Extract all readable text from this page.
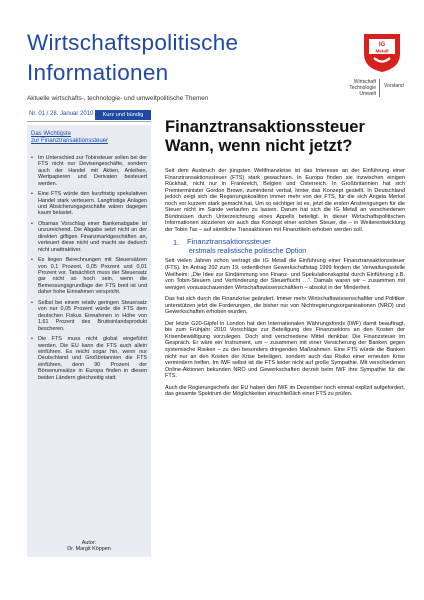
Wirtschaftspolitische
Informationen
Aktuelle wirtschafts-, technologie- und umweltpolitische Themen
IG
Metall
Wirtschaft Technologie Umwelt
Vorstand
Nr. 01 / 28. Januar 2010	Kurz und bündig
Das Wichtigste
zur Finanztransaktionssteuer
• Im Unterschied zur Tobinsteuer sollen bei der FTS nicht nur Devisengeschäfte, sondern auch der Handel mit Aktien, Anleihen, Wertpapieren und Derivaten besteuert werden.
• Eine FTS würde den kurzfristig spekulativen Handel stark verteuern. Langfristige Anlagen und Absicherungsgeschäfte wären dagegen kaum belastet.
• Obamas Vorschlag einer Bankenabgabe ist unzureichend. Die Abgabe setzt nicht an der direkten giftigen Finanzmarktgeschäften an, verteuert diese nicht und macht sie dadurch nicht unattraktiver.
• Es liegen Berechnungen mit Steuersätzen von 0,1 Prozent, 0,05 Prozent und 0,01 Prozent vor. Tatsächlich muss der Steuersatz gar nicht so hoch sein, wenn die Bemessungsgrundlage der FTS breit ist und daher hohe Einnahmen verspricht.
• Selbst bei einem relativ geringen Steuersatz von nur 0,05 Prozent würde die FTS dem deutschen Fiskus Einnahmen in Höhe von 1,61 Prozent des Bruttoinlandsprodukt bescheren.
• Die FTS muss nicht global eingeführt werden. Die EU kann die FTS auch allein einführen. Es reicht sogar hin, wenn nur Deutschland und Großbritannien die FTS einführen, denn 90 Prozent der Börsenumsätze in Europa finden in diesen beiden Ländern gleichzeitig statt.
Autor:
Dr. Margit Köppen
Finanztransaktionssteuer
Wann, wenn nicht jetzt?

Seit dem Ausbruch der jüngsten Weltfinanzkrise ist das Interesse an der Einführung einer Finanztransaktionssteuer (FTS) stark gewachsen. In Europa finden sie inzwischen einigen Rückhalt, nicht nur in Frankreich, Belgien und Österreich. In Großbritannien hat sich Premierminister Gordon Brown, zuminderst verbal, hinter das Konzept gestellt. In Deutschland jedoch zeigt sich die Regierungskoalition immer mehr von der FTS, für die sich Angela Merkel noch vor kurzem stark gemacht hat. Um so wichtiger ist es, jetzt die ersten Anstrengungen für die Steuer nicht im Sande verlaufen zu lassen. Darum hat sich die IG Metall an verschiedenen Bündnissen durch Unterzeichnung eines Appells beteiligt. In dieser Wirtschaftspolitischen Informationen skizzieren wir auch das Konzept einer solchen Steuer, die – in Weiterentwicklung der Tobin Tax – auf sämtliche Transaktionen mit Finanztiteln erhoben werden soll.

1.	Finanztransaktionssteuer
erstmals realistische politische Option

Seit vielen Jahren schon vertragt die IG Metall die Einführung einer Finanztransaktionssteuer (FTS). Im Antrag 202 zum 19. ordentlichen Gewerkschaftstag 1999 fordern die Verwaltungsstelle Weilheim: „Die Idee zur Eindämmung von Finanz- und Spekulationskapital durch Einführung z.B. von Tobin-Steuern und Verhinderung der Steuerflucht …“. Damals waren wir – zusammen mit wenigen vorausschauenden Wirtschaftswissenschaftlern – absolut in der Minderheit.

Das hat sich durch die Finanzkrise geändert. Immer mehr Wirtschaftswissenschaftler und Politiker unterstützen jetzt die Forderungen, die bisher nur von Nichtregierungsorganisationen (NRO) und Gewerkschaften erhoben wurden.

Der letzte G20-Gipfel in London hat den Internationalen Währungsfonds (IWF) damit beauftragt, bis zum Frühjahr 2010 Vorschläge zur Beteiligung des Finanzsektors an den Kosten der Krisenbewältigung vorzulegen. Doch sind verschiedene Mittel denkbar. Die Finanzsteuer im Gespräch. Er wäre ein Instrument, um – zusammen mit einer Versicherung der Banken gegen systemische Risiken – zu den besonders dringenden Maßnahmen. Eine FTS würde die Banken nicht nur an den Kosten der Krise beteiligen, sondern auch das Risiko einer erneuten Krise vermindern helfen. Im IWF selbst ist die FTS leider nicht auf große Sympathie. Mit verschiedenen Online-Aktionen bekunden NRO und Gewerkschaften derzeit beim IWF ihre Sympathie für die FTS.

Auch die Regierungschefs der EU haben den IWF im Dezember noch einmal explizit aufgefordert, das gesamte Spektrum der Möglichkeiten einschließlich einer FTS zu prüfen.
